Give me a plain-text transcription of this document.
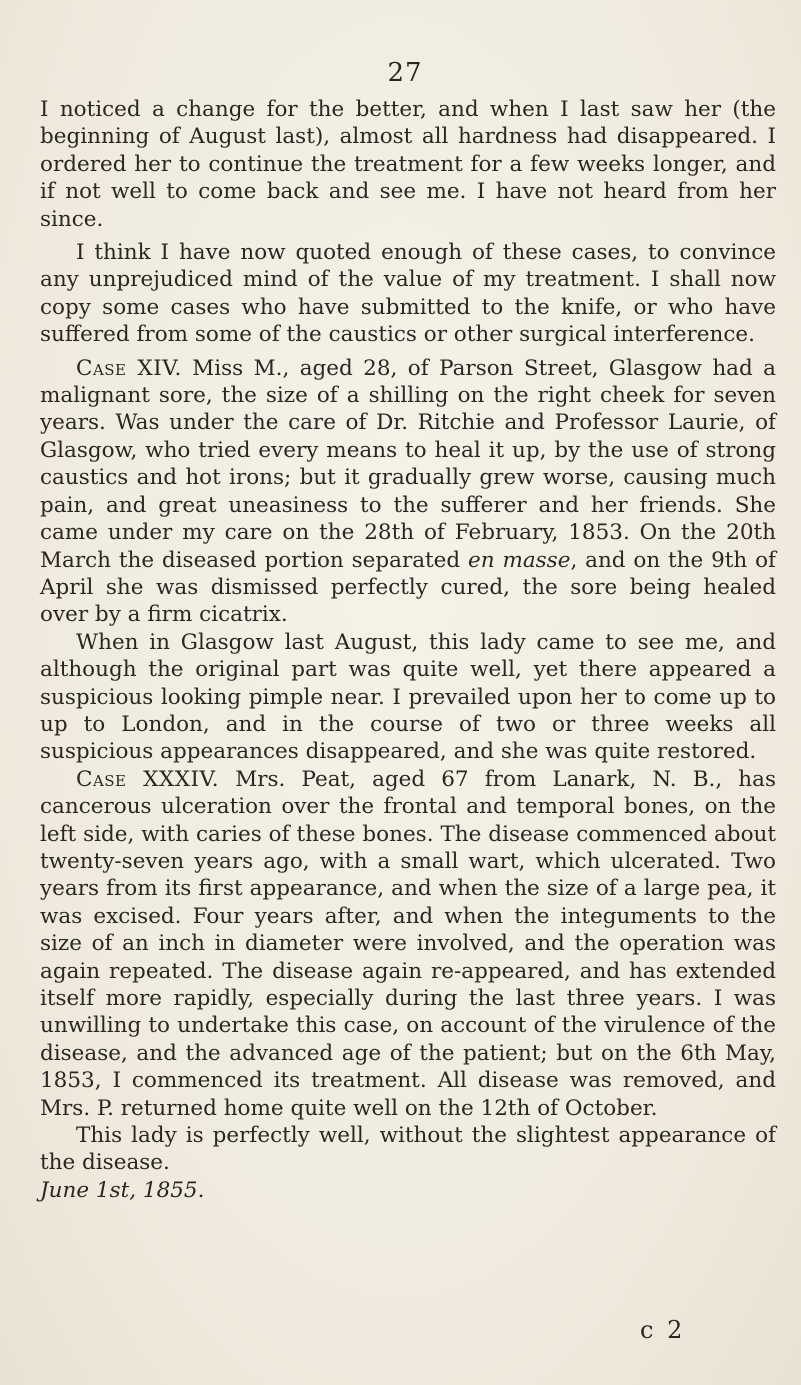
27

I noticed a change for the better, and when I last saw her (the beginning of August last), almost all hardness had disappeared. I ordered her to continue the treatment for a few weeks longer, and if not well to come back and see me. I have not heard from her since.

I think I have now quoted enough of these cases, to convince any unprejudiced mind of the value of my treatment. I shall now copy some cases who have submitted to the knife, or who have suffered from some of the caustics or other surgical interference.

Case XIV. Miss M., aged 28, of Parson Street, Glasgow had a malignant sore, the size of a shilling on the right cheek for seven years. Was under the care of Dr. Ritchie and Professor Laurie, of Glasgow, who tried every means to heal it up, by the use of strong caustics and hot irons; but it gradually grew worse, causing much pain, and great uneasiness to the sufferer and her friends. She came under my care on the 28th of February, 1853. On the 20th March the diseased portion separated en masse, and on the 9th of April she was dismissed perfectly cured, the sore being healed over by a firm cicatrix.

When in Glasgow last August, this lady came to see me, and although the original part was quite well, yet there appeared a suspicious looking pimple near. I prevailed upon her to come up to up to London, and in the course of two or three weeks all suspicious appearances disappeared, and she was quite restored.

Case XXXIV. Mrs. Peat, aged 67 from Lanark, N. B., has cancerous ulceration over the frontal and temporal bones, on the left side, with caries of these bones. The disease commenced about twenty-seven years ago, with a small wart, which ulcerated. Two years from its first appearance, and when the size of a large pea, it was excised. Four years after, and when the integuments to the size of an inch in diameter were involved, and the operation was again repeated. The disease again re-appeared, and has extended itself more rapidly, especially during the last three years. I was unwilling to undertake this case, on account of the virulence of the disease, and the advanced age of the patient; but on the 6th May, 1853, I commenced its treatment. All disease was removed, and Mrs. P. returned home quite well on the 12th of October.

This lady is perfectly well, without the slightest appearance of the disease.

June 1st, 1855.

c 2
